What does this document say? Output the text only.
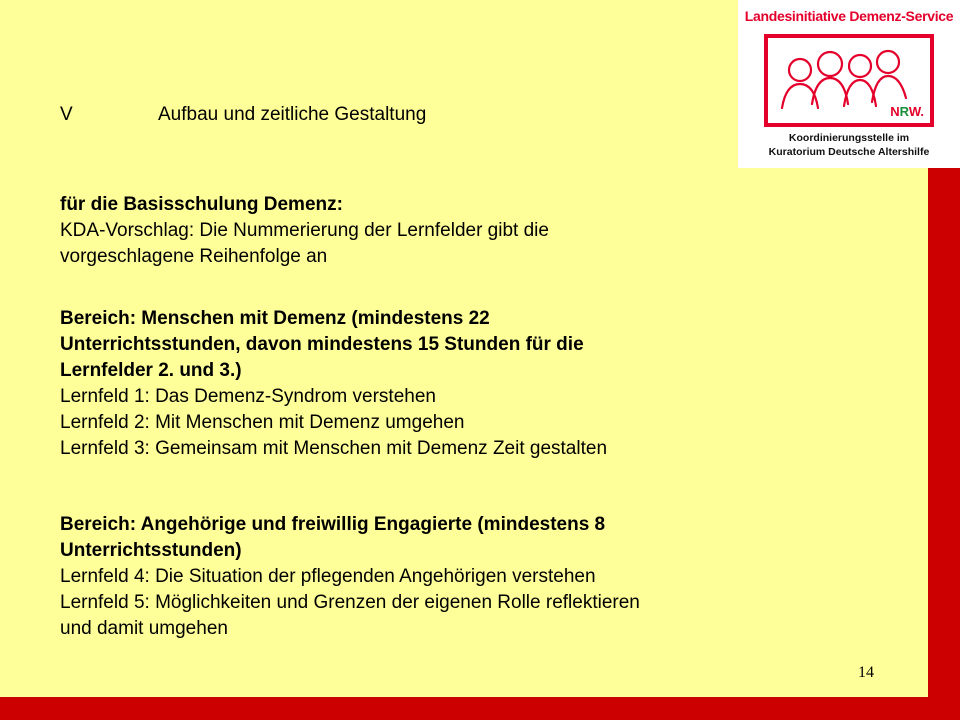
Landesinitiative Demenz-Service
NRW.
Koordinierungsstelle im
Kuratorium Deutsche Altershilfe
V	Aufbau und zeitliche Gestaltung
für die Basisschulung Demenz:
KDA-Vorschlag: Die Nummerierung der Lernfelder gibt die
vorgeschlagene Reihenfolge an
Bereich: Menschen mit Demenz (mindestens 22
Unterrichtsstunden, davon mindestens 15 Stunden für die
Lernfelder 2. und 3.)
Lernfeld 1: Das Demenz-Syndrom verstehen
Lernfeld 2: Mit Menschen mit Demenz umgehen
Lernfeld 3: Gemeinsam mit Menschen mit Demenz Zeit gestalten
Bereich: Angehörige und freiwillig Engagierte (mindestens 8
Unterrichtsstunden)
Lernfeld 4: Die Situation der pflegenden Angehörigen verstehen
Lernfeld 5: Möglichkeiten und Grenzen der eigenen Rolle reflektieren
und damit umgehen
14
